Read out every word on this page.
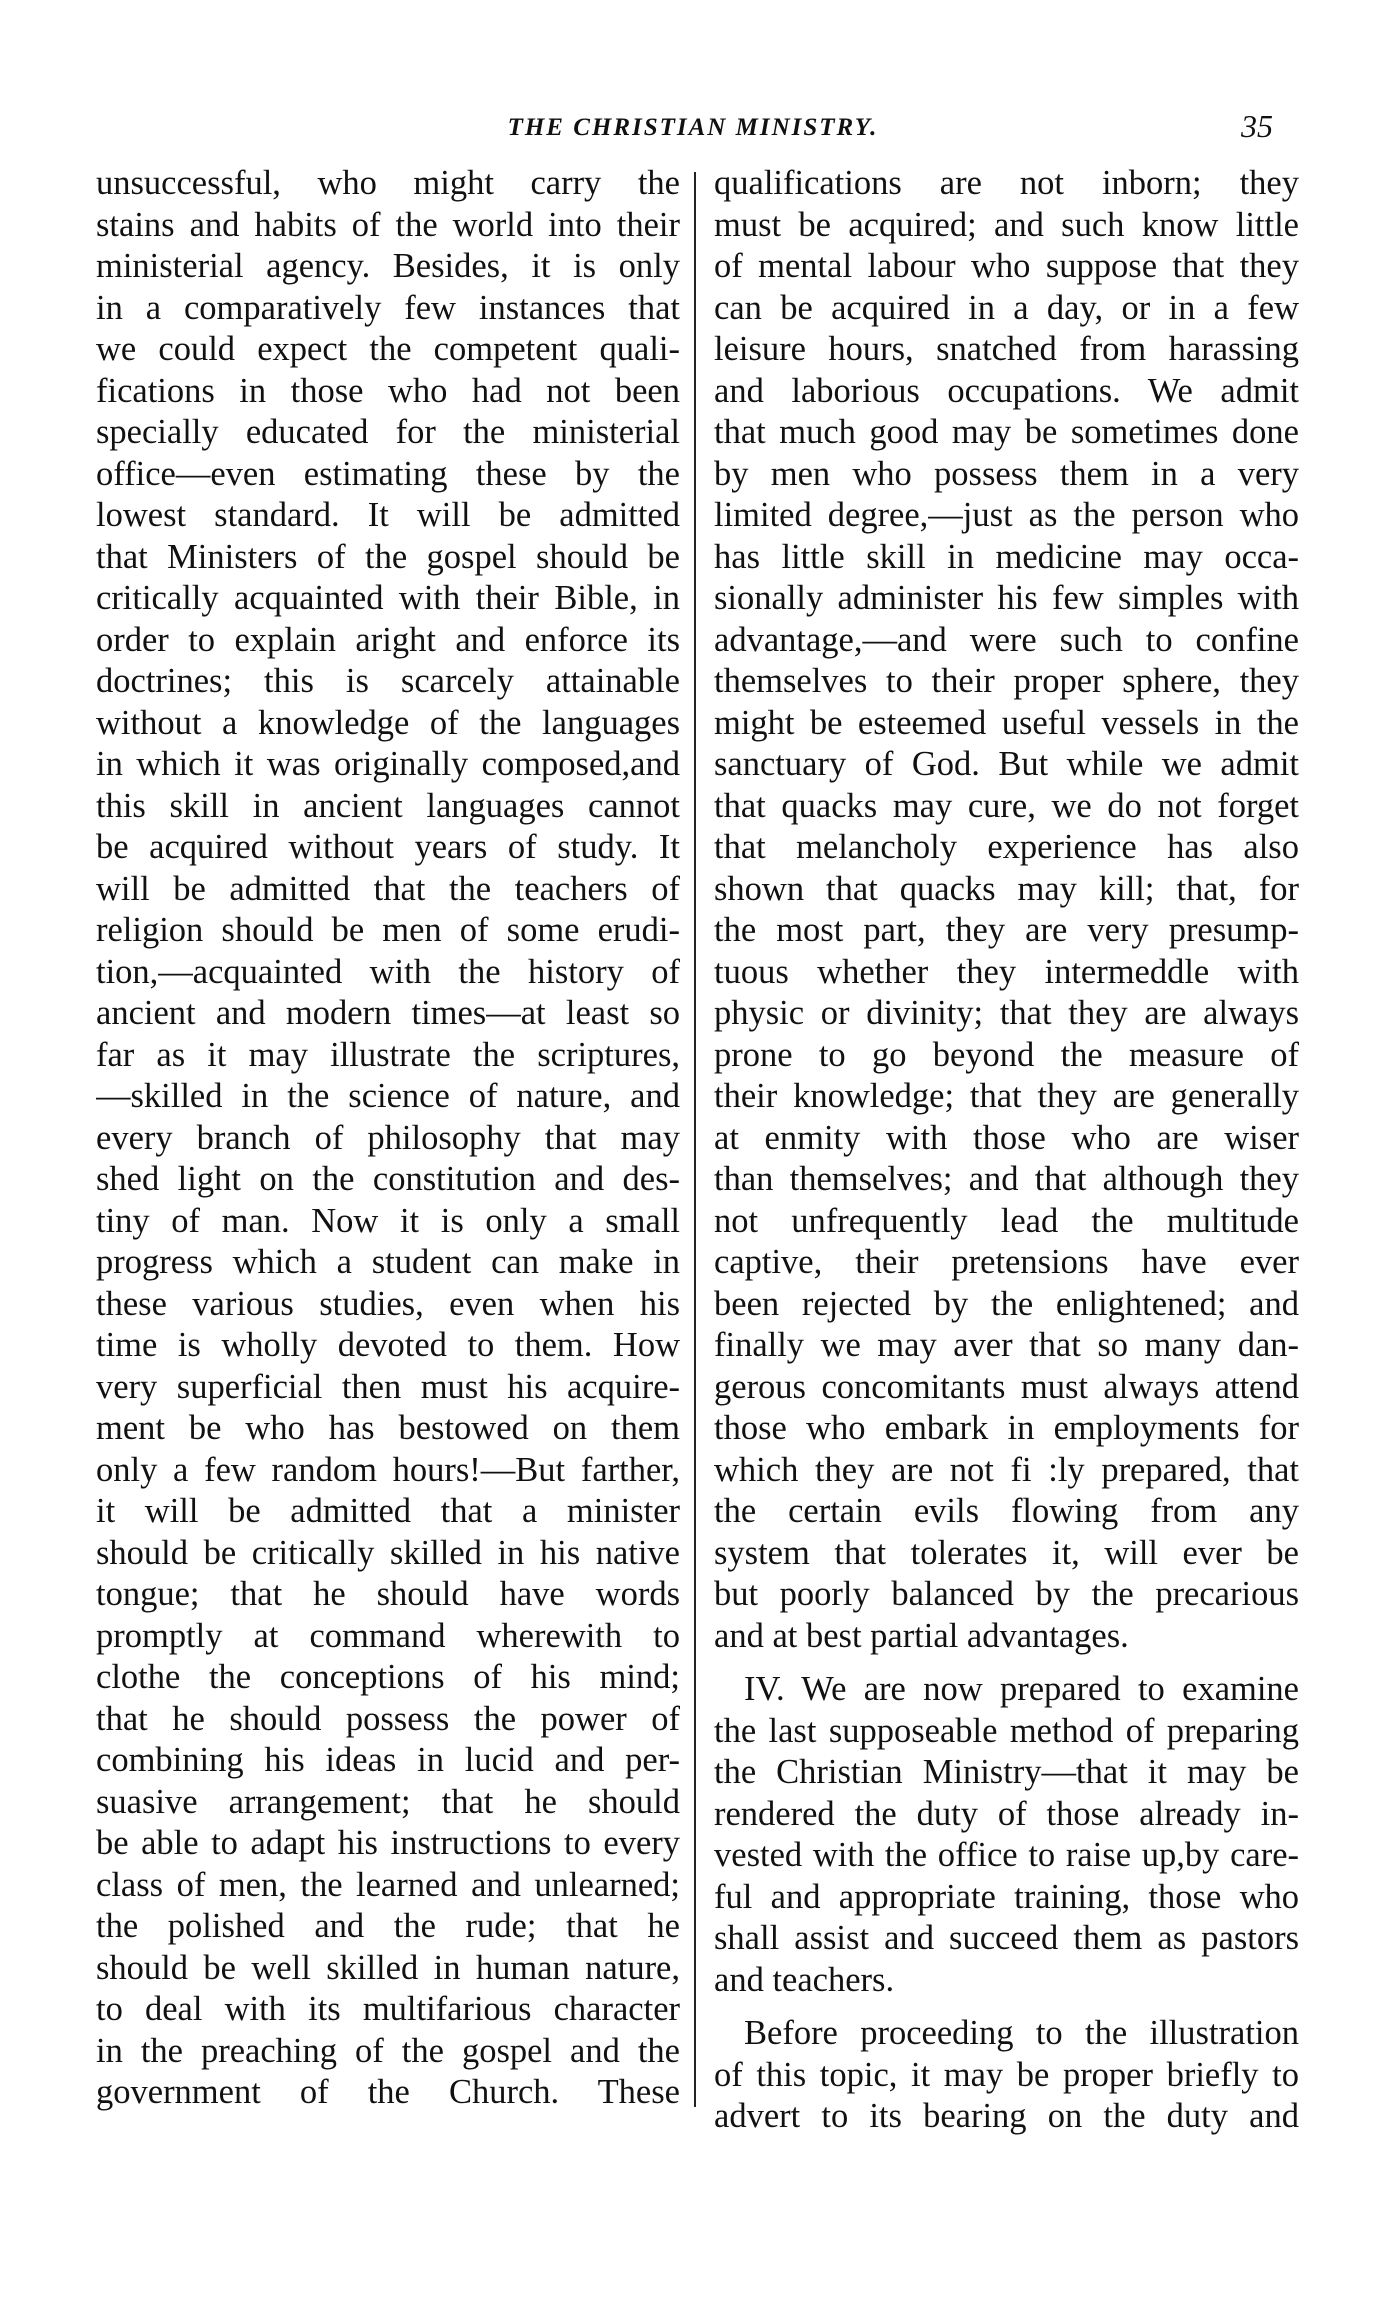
THE CHRISTIAN MINISTRY.	35
unsuccessful, who might carry the
stains and habits of the world into their
ministerial agency. Besides, it is only
in a comparatively few instances that
we could expect the competent quali-
fications in those who had not been
specially educated for the ministerial
office—even estimating these by the
lowest standard. It will be admitted
that Ministers of the gospel should be
critically acquainted with their Bible, in
order to explain aright and enforce its
doctrines; this is scarcely attainable
without a knowledge of the languages
in which it was originally composed,and
this skill in ancient languages cannot
be acquired without years of study. It
will be admitted that the teachers of
religion should be men of some erudi-
tion,—acquainted with the history of
ancient and modern times—at least so
far as it may illustrate the scriptures,
—skilled in the science of nature, and
every branch of philosophy that may
shed light on the constitution and des-
tiny of man. Now it is only a small
progress which a student can make in
these various studies, even when his
time is wholly devoted to them. How
very superficial then must his acquire-
ment be who has bestowed on them
only a few random hours!—But farther,
it will be admitted that a minister
should be critically skilled in his native
tongue; that he should have words
promptly at command wherewith to
clothe the conceptions of his mind;
that he should possess the power of
combining his ideas in lucid and per-
suasive arrangement; that he should
be able to adapt his instructions to every
class of men, the learned and unlearned;
the polished and the rude; that he
should be well skilled in human nature,
to deal with its multifarious character
in the preaching of the gospel and the
government of the Church. These
qualifications are not inborn; they
must be acquired; and such know little
of mental labour who suppose that they
can be acquired in a day, or in a few
leisure hours, snatched from harassing
and laborious occupations. We admit
that much good may be sometimes done
by men who possess them in a very
limited degree,—just as the person who
has little skill in medicine may occa-
sionally administer his few simples with
advantage,—and were such to confine
themselves to their proper sphere, they
might be esteemed useful vessels in the
sanctuary of God. But while we admit
that quacks may cure, we do not forget
that melancholy experience has also
shown that quacks may kill; that, for
the most part, they are very presump-
tuous whether they intermeddle with
physic or divinity; that they are always
prone to go beyond the measure of
their knowledge; that they are generally
at enmity with those who are wiser
than themselves; and that although they
not unfrequently lead the multitude
captive, their pretensions have ever
been rejected by the enlightened; and
finally we may aver that so many dan-
gerous concomitants must always attend
those who embark in employments for
which they are not fi :ly prepared, that
the certain evils flowing from any
system that tolerates it, will ever be
but poorly balanced by the precarious
and at best partial advantages.
IV. We are now prepared to examine
the last supposeable method of preparing
the Christian Ministry—that it may be
rendered the duty of those already in-
vested with the office to raise up,by care-
ful and appropriate training, those who
shall assist and succeed them as pastors
and teachers.
Before proceeding to the illustration
of this topic, it may be proper briefly to
advert to its bearing on the duty and
